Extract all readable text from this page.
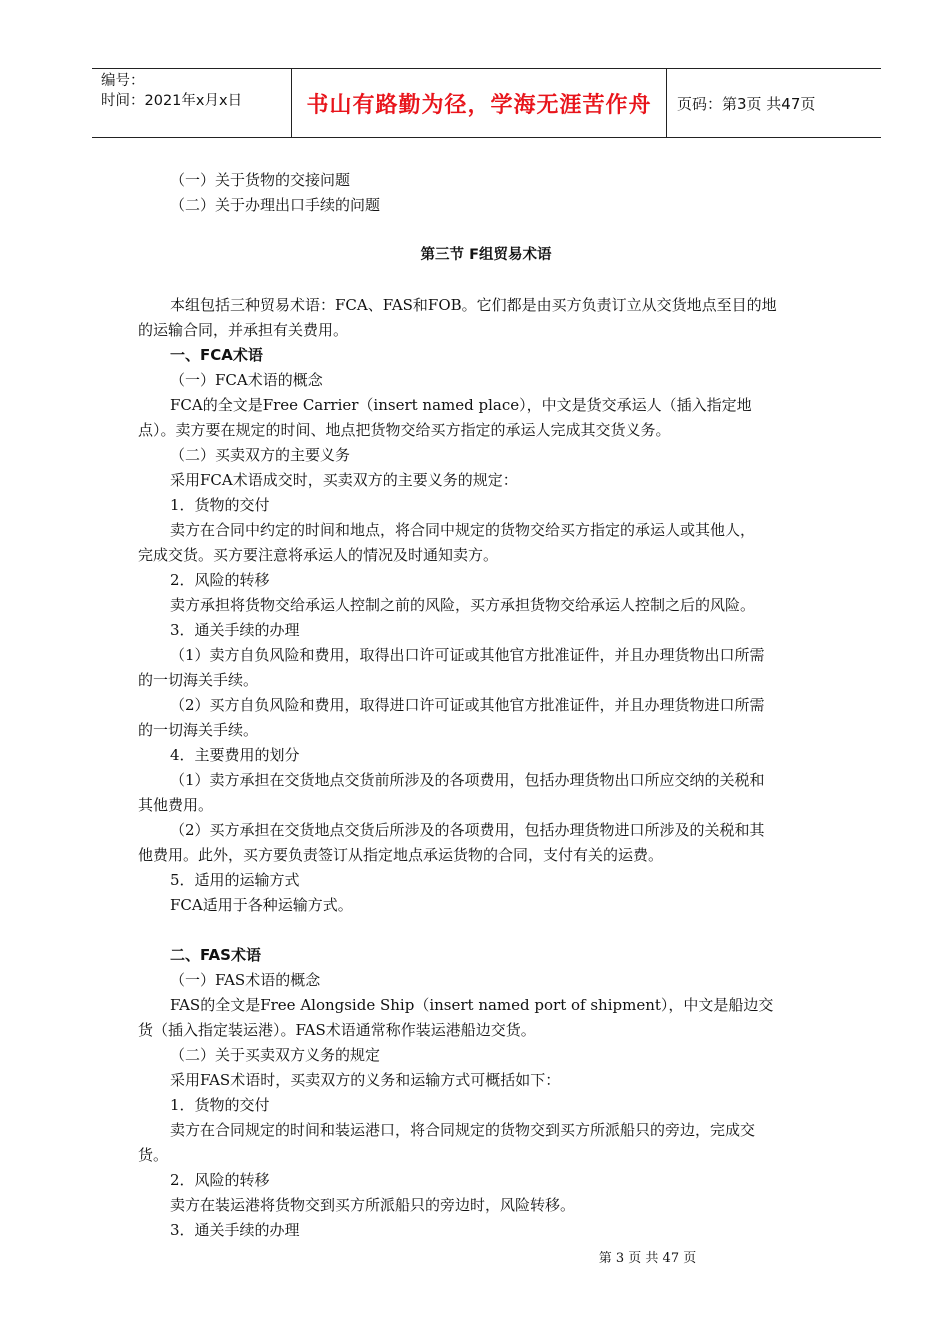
编号：
时间：2021年x月x日	书山有路勤为径，学海无涯苦作舟	页码：第3页 共47页
（一）关于货物的交接问题
（二）关于办理出口手续的问题
第三节 F组贸易术语
本组包括三种贸易术语：FCA、FAS和FOB。它们都是由买方负责订立从交货地点至目的地
的运输合同，并承担有关费用。
一、FCA术语
（一）FCA术语的概念
FCA的全文是Free Carrier（insert named place），中文是货交承运人（插入指定地
点）。卖方要在规定的时间、地点把货物交给买方指定的承运人完成其交货义务。
（二）买卖双方的主要义务
采用FCA术语成交时，买卖双方的主要义务的规定：
1．货物的交付
卖方在合同中约定的时间和地点，将合同中规定的货物交给买方指定的承运人或其他人，
完成交货。买方要注意将承运人的情况及时通知卖方。
2．风险的转移
卖方承担将货物交给承运人控制之前的风险，买方承担货物交给承运人控制之后的风险。
3．通关手续的办理
（1）卖方自负风险和费用，取得出口许可证或其他官方批准证件，并且办理货物出口所需
的一切海关手续。
（2）买方自负风险和费用，取得进口许可证或其他官方批准证件，并且办理货物进口所需
的一切海关手续。
4．主要费用的划分
（1）卖方承担在交货地点交货前所涉及的各项费用，包括办理货物出口所应交纳的关税和
其他费用。
（2）买方承担在交货地点交货后所涉及的各项费用，包括办理货物进口所涉及的关税和其
他费用。此外，买方要负责签订从指定地点承运货物的合同，支付有关的运费。
5．适用的运输方式
FCA适用于各种运输方式。
二、FAS术语
（一）FAS术语的概念
FAS的全文是Free Alongside Ship（insert named port of shipment），中文是船边交
货（插入指定装运港）。FAS术语通常称作装运港船边交货。
（二）关于买卖双方义务的规定
采用FAS术语时，买卖双方的义务和运输方式可概括如下：
1．货物的交付
卖方在合同规定的时间和装运港口，将合同规定的货物交到买方所派船只的旁边，完成交
货。
2．风险的转移
卖方在装运港将货物交到买方所派船只的旁边时，风险转移。
3．通关手续的办理
第 3 页 共 47 页
